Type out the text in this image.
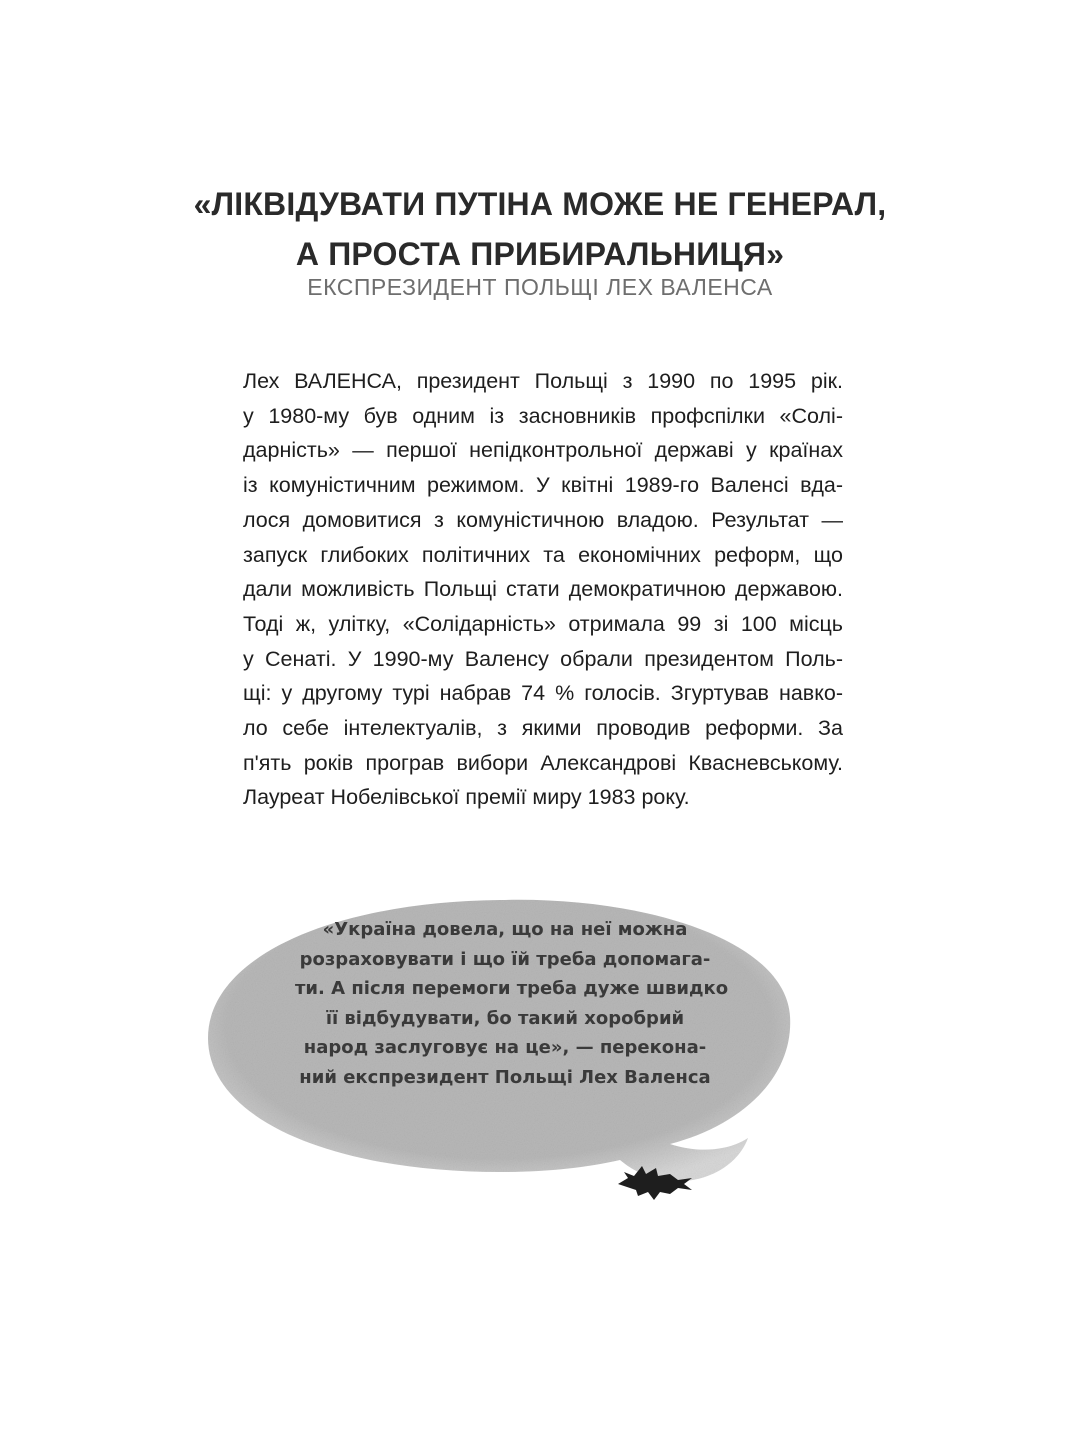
«ЛІКВІДУВАТИ ПУТІНА МОЖЕ НЕ ГЕНЕРАЛ,
А ПРОСТА ПРИБИРАЛЬНИЦЯ»
ЕКСПРЕЗИДЕНТ ПОЛЬЩІ ЛЕХ ВАЛЕНСА
Лех ВАЛЕНСА, президент Польщі з 1990 по 1995 рік.
у 1980-му був одним із засновників профспілки «Солі-
дарність» — першої непідконтрольної державі у країнах
із комуністичним режимом. У квітні 1989-го Валенсі вда-
лося домовитися з комуністичною владою. Результат —
запуск глибоких політичних та економічних реформ, що
дали можливість Польщі стати демократичною державою.
Тоді ж, улітку, «Солідарність» отримала 99 зі 100 місць
у Сенаті. У 1990-му Валенсу обрали президентом Поль-
щі: у другому турі набрав 74 % голосів. Згуртував навко-
ло себе інтелектуалів, з якими проводив реформи. За
п'ять років програв вибори Александрові Квасневському.
Лауреат Нобелівської премії миру 1983 року.
«Україна довела, що на неї можна
розраховувати і що їй треба допомага-
ти. А після перемоги треба дуже швидко
її відбудувати, бо такий хоробрий
народ заслуговує на це», — перекона-
ний експрезидент Польщі Лех Валенса
